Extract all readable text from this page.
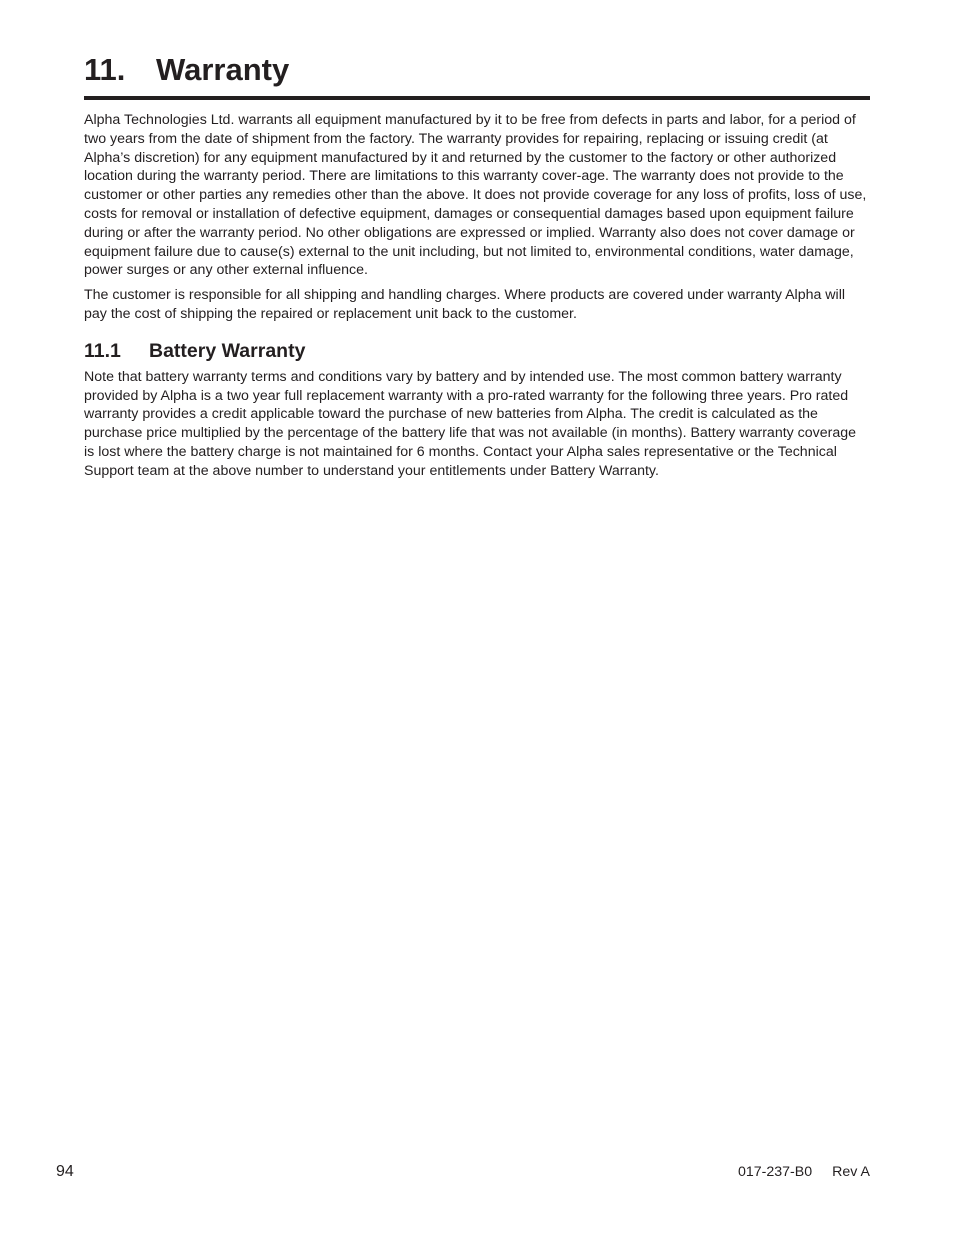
11. Warranty

Alpha Technologies Ltd. warrants all equipment manufactured by it to be free from defects in parts and labor, for a period of two years from the date of shipment from the factory. The warranty provides for repairing, replacing or issuing credit (at Alpha’s discretion) for any equipment manufactured by it and returned by the customer to the factory or other authorized location during the warranty period. There are limitations to this warranty cover-age. The warranty does not provide to the customer or other parties any remedies other than the above. It does not provide coverage for any loss of profits, loss of use, costs for removal or installation of defective equipment, damages or consequential damages based upon equipment failure during or after the warranty period. No other obligations are expressed or implied. Warranty also does not cover damage or equipment failure due to cause(s) external to the unit including, but not limited to, environmental conditions, water damage, power surges or any other external influence.

The customer is responsible for all shipping and handling charges. Where products are covered under warranty Alpha will pay the cost of shipping the repaired or replacement unit back to the customer.

11.1 Battery Warranty

Note that battery warranty terms and conditions vary by battery and by intended use. The most common battery warranty provided by Alpha is a two year full replacement warranty with a pro-rated warranty for the following three years. Pro rated warranty provides a credit applicable toward the purchase of new batteries from Alpha. The credit is calculated as the purchase price multiplied by the percentage of the battery life that was not available (in months). Battery warranty coverage is lost where the battery charge is not maintained for 6 months. Contact your Alpha sales representative or the Technical Support team at the above number to understand your entitlements under Battery Warranty.

94	017-237-B0 Rev A
